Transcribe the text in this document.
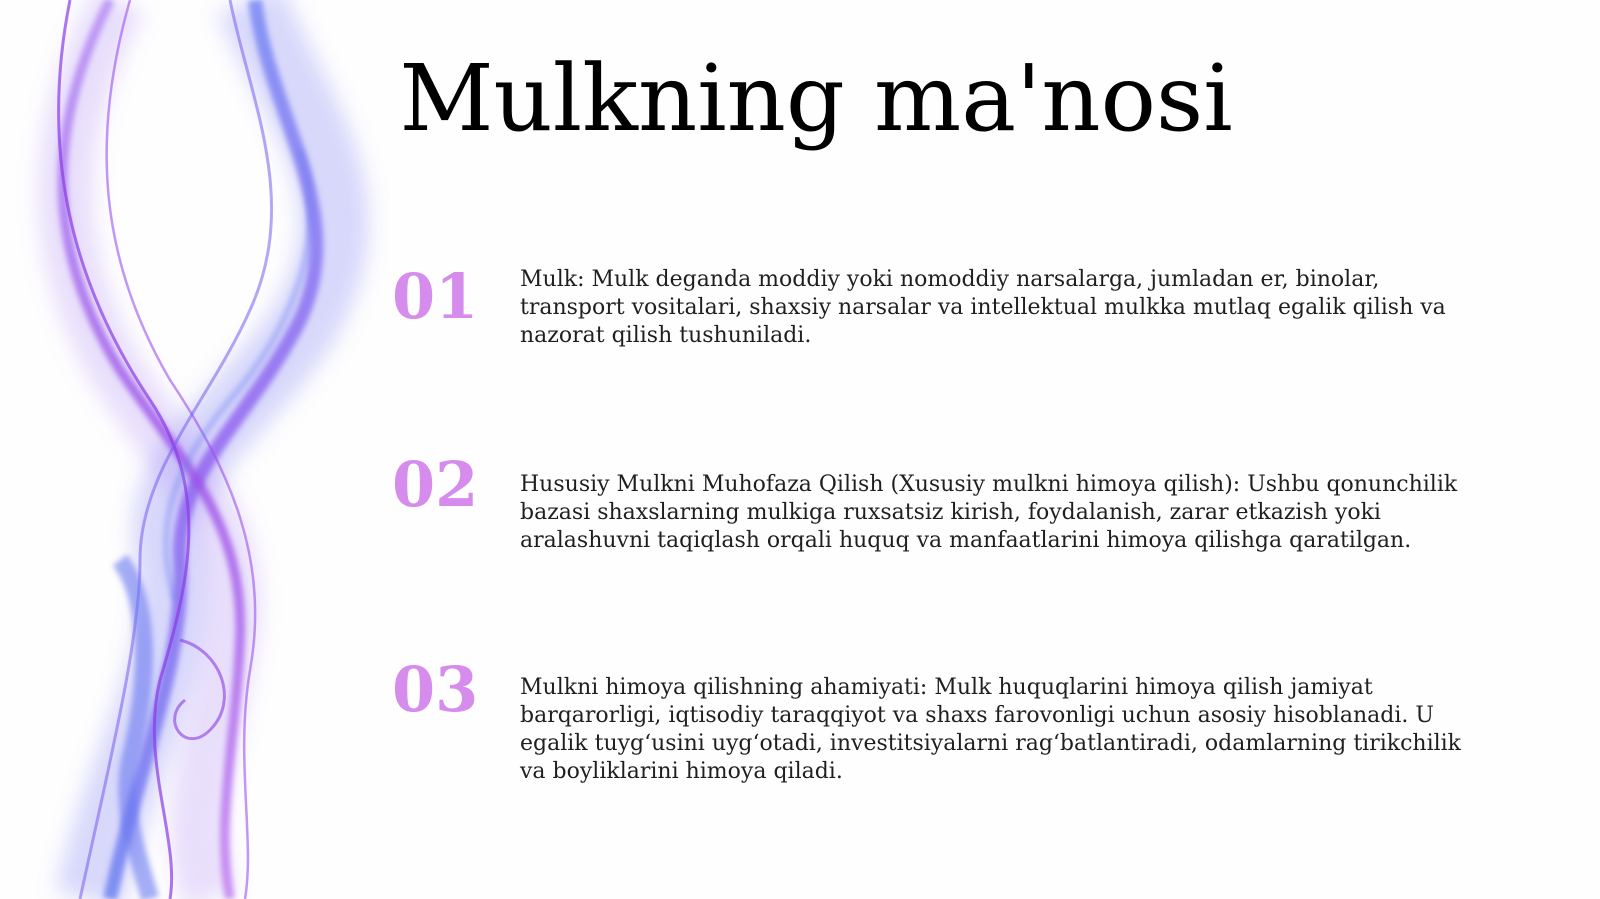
Mulkning ma'nosi
01 Mulk: Mulk deganda moddiy yoki nomoddiy narsalarga, jumladan er, binolar, transport vositalari, shaxsiy narsalar va intellektual mulkka mutlaq egalik qilish va nazorat qilish tushuniladi.
02 Hususiy Mulkni Muhofaza Qilish (Xususiy mulkni himoya qilish): Ushbu qonunchilik bazasi shaxslarning mulkiga ruxsatsiz kirish, foydalanish, zarar etkazish yoki aralashuvni taqiqlash orqali huquq va manfaatlarini himoya qilishga qaratilgan.
03 Mulkni himoya qilishning ahamiyati: Mulk huquqlarini himoya qilish jamiyat barqarorligi, iqtisodiy taraqqiyot va shaxs farovonligi uchun asosiy hisoblanadi. U egalik tuyg‘usini uyg‘otadi, investitsiyalarni rag‘batlantiradi, odamlarning tirikchilik va boyliklarini himoya qiladi.
